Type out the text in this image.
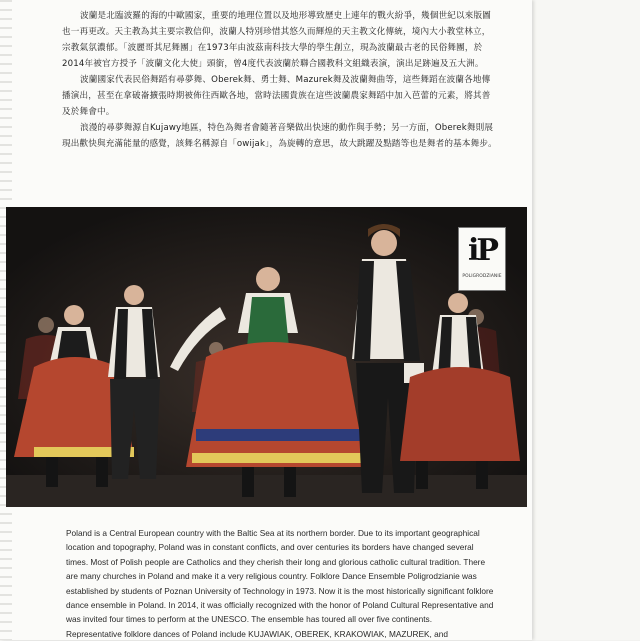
波蘭是北臨波羅的海的中歐國家，重要的地理位置以及地形導致歷史上連年的戰火紛爭，幾個世紀以來版圖也一再更改。天主教為其主要宗教信仰，波蘭人特別珍惜其悠久而輝煌的天主教文化傳統，境內大小教堂林立，宗教氣氛濃郁。「波麗哥其尼舞團」在1973年由波茲南科技大學的學生創立，現為波蘭最古老的民俗舞團，於2014年被官方授予「波蘭文化大使」頭銜，曾4度代表波蘭於聯合國教科文組織表演，演出足跡遍及五大洲。

波蘭國家代表民俗舞蹈有尋夢舞、Oberek舞、勇士舞、Mazurek舞及波蘭舞曲等，這些舞蹈在波蘭各地傳播演出，甚至在拿破崙擴張時期被佈往西歐各地，當時法國貴族在這些波蘭農家舞蹈中加入芭蕾的元素，將其普及於舞會中。

浪漫的尋夢舞源自Kujawy地區，特色為舞者會隨著音樂做出快速的動作與手勢；另一方面，Oberek舞則展現出歡快與充滿能量的感覺，該舞名稱源自「owijak」，為旋轉的意思，故大跳躍及點踏等也是舞者的基本舞步。

iP
POLIGRODZIANIE

Poland is a Central European country with the Baltic Sea at its northern border. Due to its important geographical location and topography, Poland was in constant conflicts, and over centuries its borders have changed several times. Most of Polish people are Catholics and they cherish their long and glorious catholic cultural tradition. There are many churches in Poland and make it a very religious country. Folklore Dance Ensemble Poligrodzianie was established by students of Poznan University of Technology in 1973. Now it is the most historically significant folklore dance ensemble in Poland. In 2014, it was officially recognized with the honor of Poland Cultural Representative and was invited four times to perform at the UNESCO. The ensemble has toured all over five continents.

Representative folklore dances of Poland include KUJAWIAK, OBEREK, KRAKOWIAK, MAZUREK, and
